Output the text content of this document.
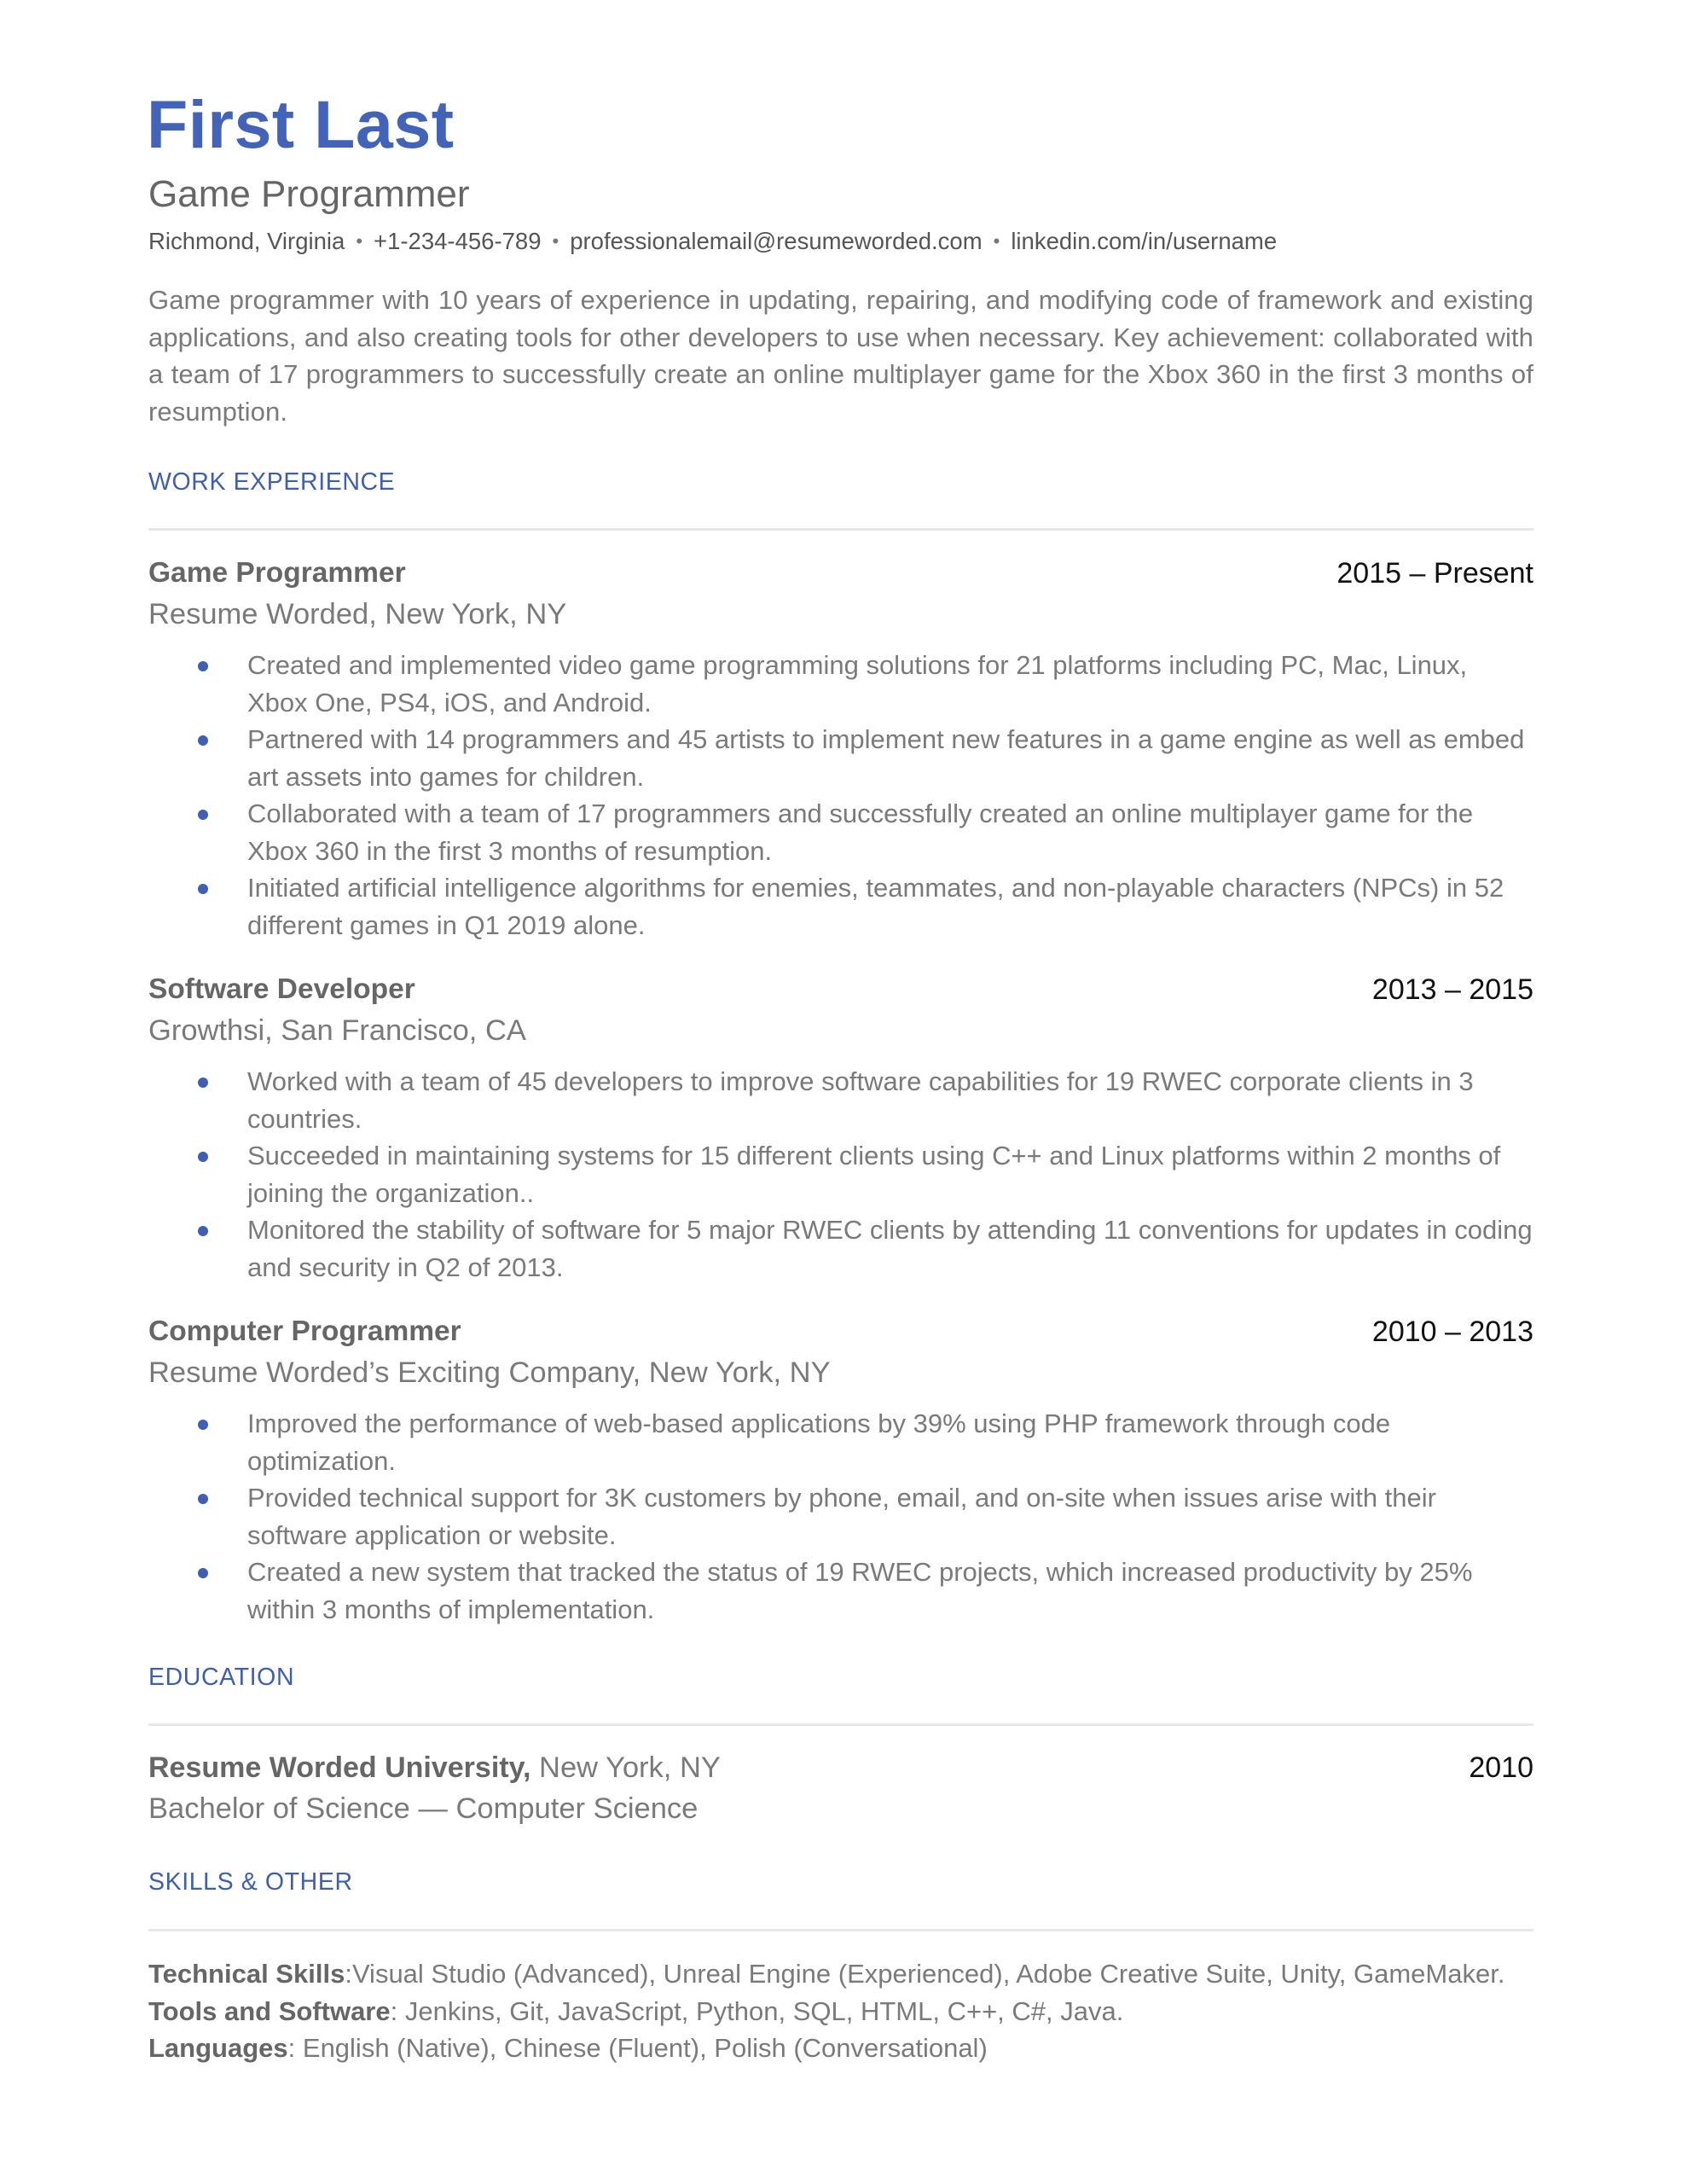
First Last
Game Programmer
Richmond, Virginia • +1-234-456-789 • professionalemail@resumeworded.com • linkedin.com/in/username
Game programmer with 10 years of experience in updating, repairing, and modifying code of framework and existing applications, and also creating tools for other developers to use when necessary. Key achievement: collaborated with a team of 17 programmers to successfully create an online multiplayer game for the Xbox 360 in the first 3 months of resumption.
WORK EXPERIENCE
Game Programmer	2015 – Present
Resume Worded, New York, NY
Created and implemented video game programming solutions for 21 platforms including PC, Mac, Linux, Xbox One, PS4, iOS, and Android.
Partnered with 14 programmers and 45 artists to implement new features in a game engine as well as embed art assets into games for children.
Collaborated with a team of 17 programmers and successfully created an online multiplayer game for the Xbox 360 in the first 3 months of resumption.
Initiated artificial intelligence algorithms for enemies, teammates, and non-playable characters (NPCs) in 52 different games in Q1 2019 alone.
Software Developer	2013 – 2015
Growthsi, San Francisco, CA
Worked with a team of 45 developers to improve software capabilities for 19 RWEC corporate clients in 3 countries.
Succeeded in maintaining systems for 15 different clients using C++ and Linux platforms within 2 months of joining the organization..
Monitored the stability of software for 5 major RWEC clients by attending 11 conventions for updates in coding and security in Q2 of 2013.
Computer Programmer	2010 – 2013
Resume Worded’s Exciting Company, New York, NY
Improved the performance of web-based applications by 39% using PHP framework through code optimization.
Provided technical support for 3K customers by phone, email, and on-site when issues arise with their software application or website.
Created a new system that tracked the status of 19 RWEC projects, which increased productivity by 25% within 3 months of implementation.
EDUCATION
Resume Worded University, New York, NY	2010
Bachelor of Science — Computer Science
SKILLS & OTHER
Technical Skills:Visual Studio (Advanced), Unreal Engine (Experienced), Adobe Creative Suite, Unity, GameMaker.
Tools and Software: Jenkins, Git, JavaScript, Python, SQL, HTML, C++, C#, Java.
Languages: English (Native), Chinese (Fluent), Polish (Conversational)
